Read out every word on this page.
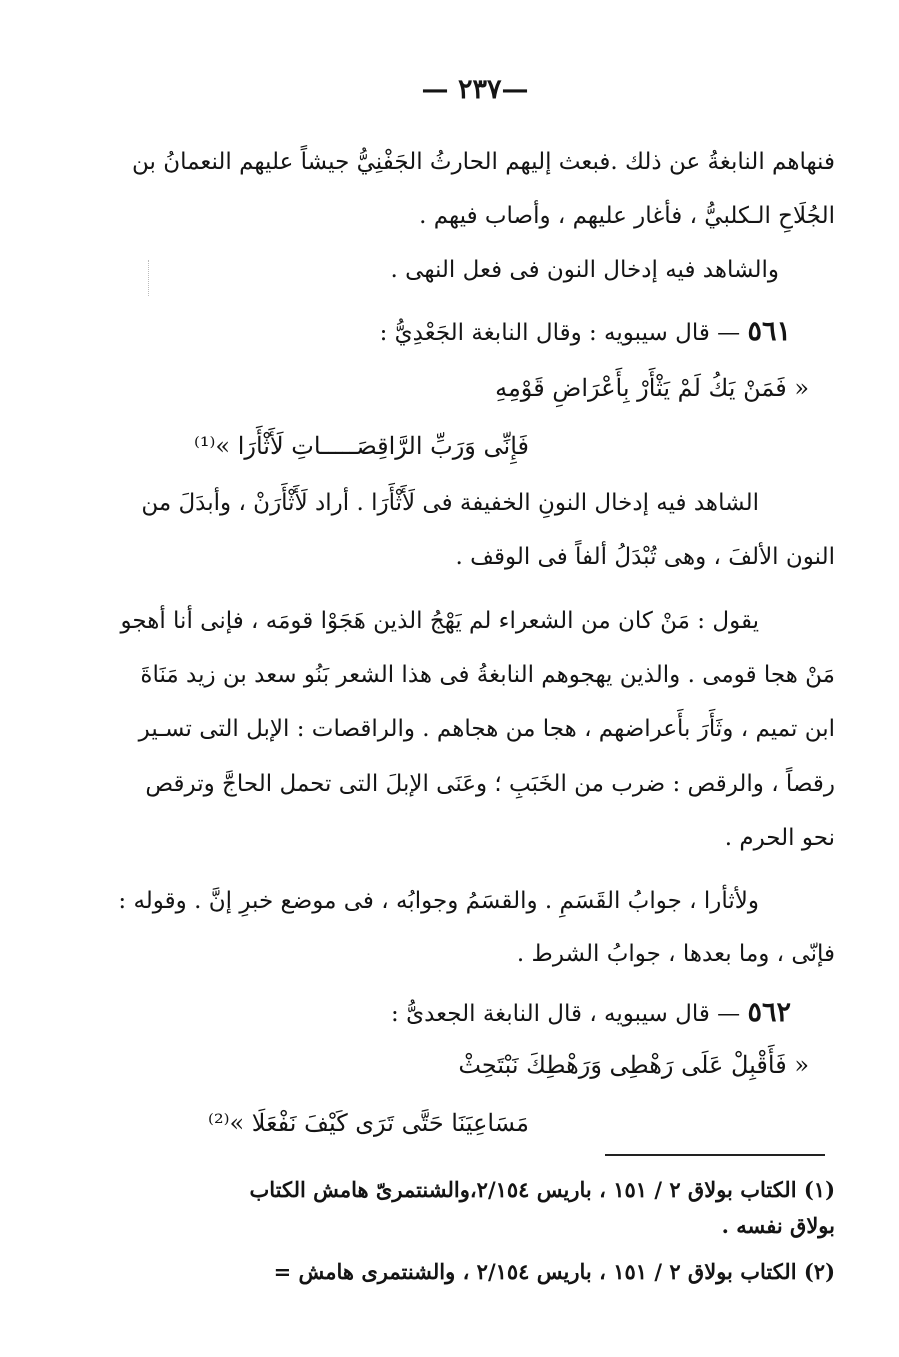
— ٢٣٧—
فنهاهم النابغةُ عن ذلك .فبعث إليهم الحارثُ الجَفْنِيُّ جيشاً عليهم النعمانُ بن
الجُلَاحِ الـكلبيُّ ، فأغار عليهم ، وأصاب فيهم .
والشاهد فيه إدخال النون فى فعل النهى .
٥٦١ — قال سيبويه : وقال النابغة الجَعْدِيُّ :
« فَمَنْ يَكُ لَمْ يَثْأَرْ بِأَعْرَاضِ قَوْمِهِ
فَإِنِّى وَرَبِّ الرَّاقِصَـــــاتِ لَأَثْأَرَا »⁽¹⁾
الشاهد فيه إدخال النونِ الخفيفة فى لَأَثْأَرَا . أراد لَأَثْأَرَنْ ، وأبدَلَ من
النون الألفَ ، وهى تُبْدَلُ ألفاً فى الوقف .
يقول : مَنْ كان من الشعراء لم يَهْجُ الذين هَجَوْا قومَه ، فإنى أنا أهجو
مَنْ هجا قومى . والذين يهجوهم النابغةُ فى هذا الشعر بَنُو سعد بن زيد مَنَاةَ
ابن تميم ، وثَأَرَ بأَعراضهم ، هجا من هجاهم . والراقصات : الإبل التى تسـير
رقصاً ، والرقص : ضرب من الخَبَبِ ؛ وعَنَى الإبلَ التى تحمل الحاجَّ وترقص
نحو الحرم .
ولأثأرا ، جوابُ القَسَمِ . والقسَمُ وجوابُه ، فى موضع خبرِ إنَّ . وقوله :
فإنّى ، وما بعدها ، جوابُ الشرط .
٥٦٢ — قال سيبويه ، قال النابغة الجعدىُّ :
« فَأَقْبِلْ عَلَى رَهْطِى وَرَهْطِكَ نَبْتَحِثْ
مَسَاعِيَنَا حَتَّى تَرَى كَيْفَ نَفْعَلَا »⁽²⁾
(١) الكتاب بولاق ٢ / ١٥١ ، باريس ٢/١٥٤،والشنتمرىّ هامش الكتاب
بولاق نفسه .
(٢) الكتاب بولاق ٢ / ١٥١ ، باريس ٢/١٥٤ ، والشنتمرى هامش =
